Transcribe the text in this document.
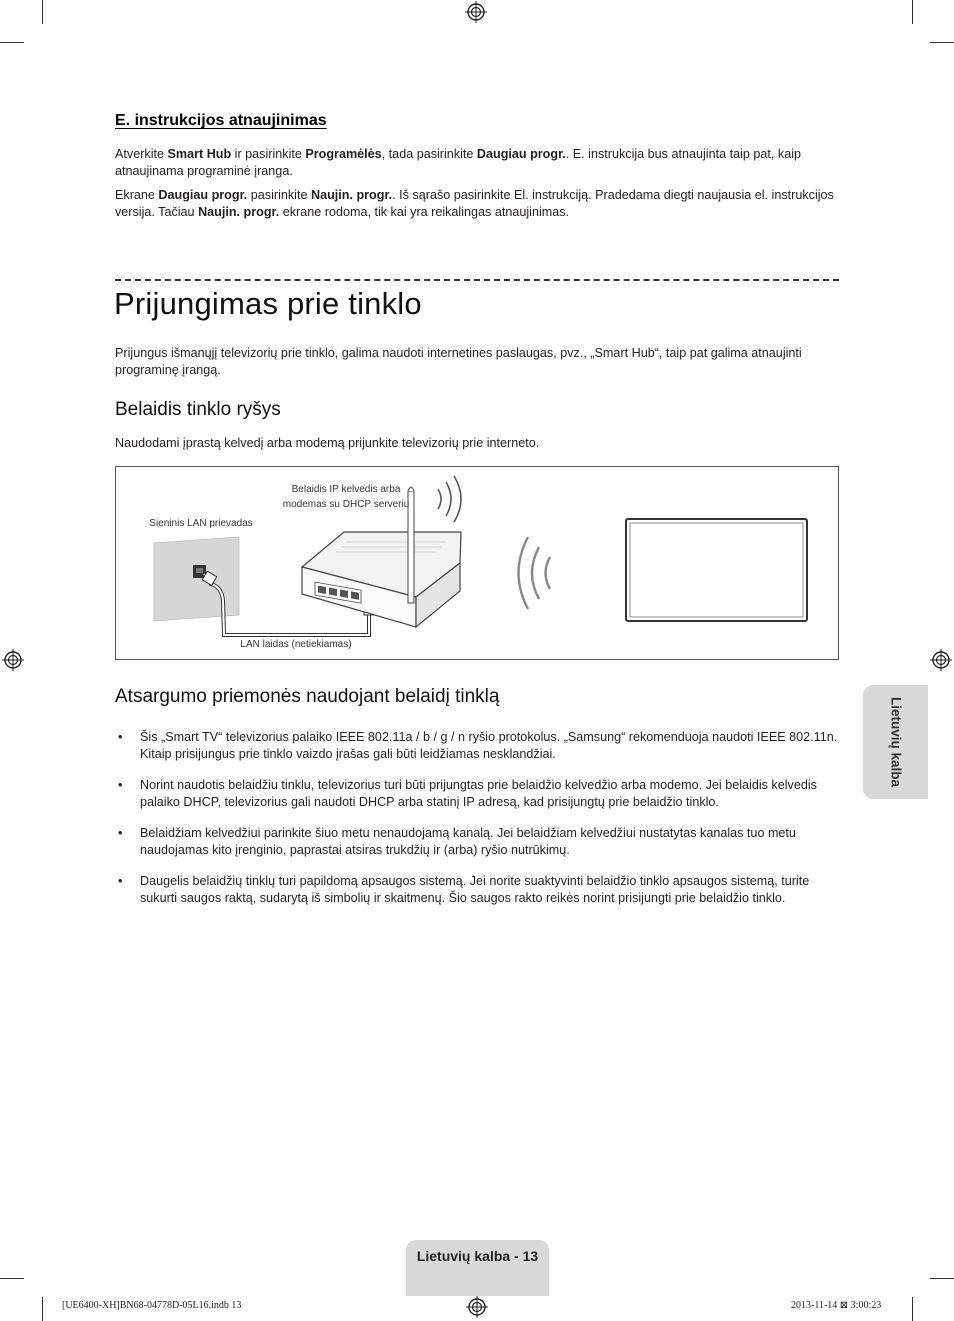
E. instrukcijos atnaujinimas

Atverkite Smart Hub ir pasirinkite Programėlės, tada pasirinkite Daugiau progr.. E. instrukcija bus atnaujinta taip pat, kaip atnaujinama programinė įranga.

Ekrane Daugiau progr. pasirinkite Naujin. progr.. Iš sąrašo pasirinkite El. instrukciją. Pradedama diegti naujausia el. instrukcijos versija. Tačiau Naujin. progr. ekrane rodoma, tik kai yra reikalingas atnaujinimas.

Prijungimas prie tinklo

Prijungus išmanųjį televizorių prie tinklo, galima naudoti internetines paslaugas, pvz., „Smart Hub“, taip pat galima atnaujinti programinę įrangą.

Belaidis tinklo ryšys

Naudodami įprastą kelvedį arba modemą prijunkite televizorių prie interneto.

Sieninis LAN prievadas
Belaidis IP kelvedis arba
modemas su DHCP serveriu
LAN laidas (netiekiamas)
Atsargumo priemonės naudojant belaidį tinklą
• Šis „Smart TV“ televizorius palaiko IEEE 802.11a / b / g / n ryšio protokolus. „Samsung“ rekomenduoja naudoti IEEE 802.11n. Kitaip prisijungus prie tinklo vaizdo įrašas gali būti leidžiamas nesklandžiai.
• Norint naudotis belaidžiu tinklu, televizorius turi būti prijungtas prie belaidžio kelvedžio arba modemo. Jei belaidis kelvedis palaiko DHCP, televizorius gali naudoti DHCP arba statinį IP adresą, kad prisijungtų prie belaidžio tinklo.
• Belaidžiam kelvedžiui parinkite šiuo metu nenaudojamą kanalą. Jei belaidžiam kelvedžiui nustatytas kanalas tuo metu naudojamas kito įrenginio, paprastai atsiras trukdžių ir (arba) ryšio nutrūkimų.
• Daugelis belaidžių tinklų turi papildomą apsaugos sistemą. Jei norite suaktyvinti belaidžio tinklo apsaugos sistemą, turite sukurti saugos raktą, sudarytą iš simbolių ir skaitmenų. Šio saugos rakto reikės norint prisijungti prie belaidžio tinklo.
Lietuvių kalba
Lietuvių kalba - 13
[UE6400-XH]BN68-04778D-05L16.indb 13	2013-11-14 ⊠ 3:00:23
